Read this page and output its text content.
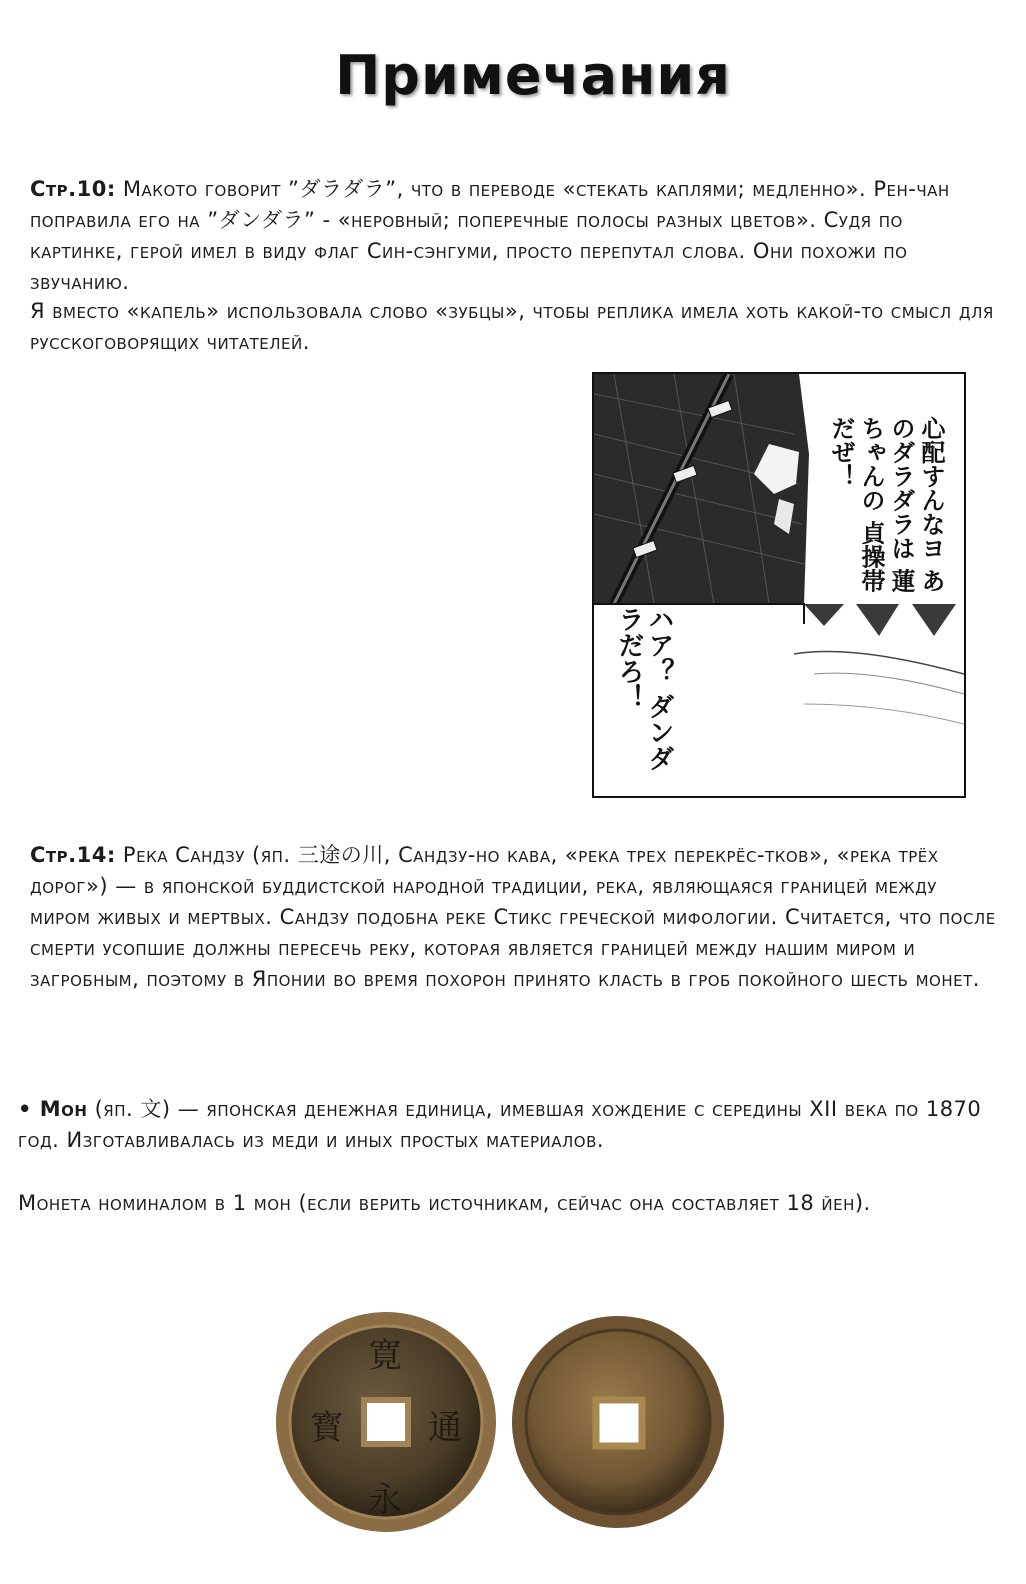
Примечания
Стр.10: Макото говорит ”ダラダラ”, что в переводе «стекать каплями; медленно». Рен-чан поправила его на ”ダンダラ” - «неровный; поперечные полосы разных цветов». Судя по картинке, герой имел в виду флаг Син-сэнгуми, просто перепутал слова. Они похожи по звучанию.
Я вместо «капель» использовала слово «зубцы», чтобы реплика имела хоть какой-то смысл для русскоговорящих читателей.
心配すんなヨ あのダラダラは 蓮ちゃんの 貞操帯だぜ！
ハア？ ダンダラだろ！
Стр.14: Река Сандзу (яп. 三途の川, Сандзу-но кава, «река трех перекрёс-тков», «река трёх дорог») — в японской буддистской народной традиции, река, являющаяся границей между миром живых и мертвых. Сандзу подобна реке Стикс греческой мифологии. Считается, что после смерти усопшие должны пересечь реку, которая является границей между нашим миром и загробным, поэтому в Японии во время похорон принято класть в гроб покойного шесть монет.
• Мон (яп. 文) — японская денежная единица, имевшая хождение с середины XII века по 1870 год. Изготавливалась из меди и иных простых материалов.
Монета номиналом в 1 мон (если верить источникам, сейчас она составляет 18 йен).
寛
永
通
寳
